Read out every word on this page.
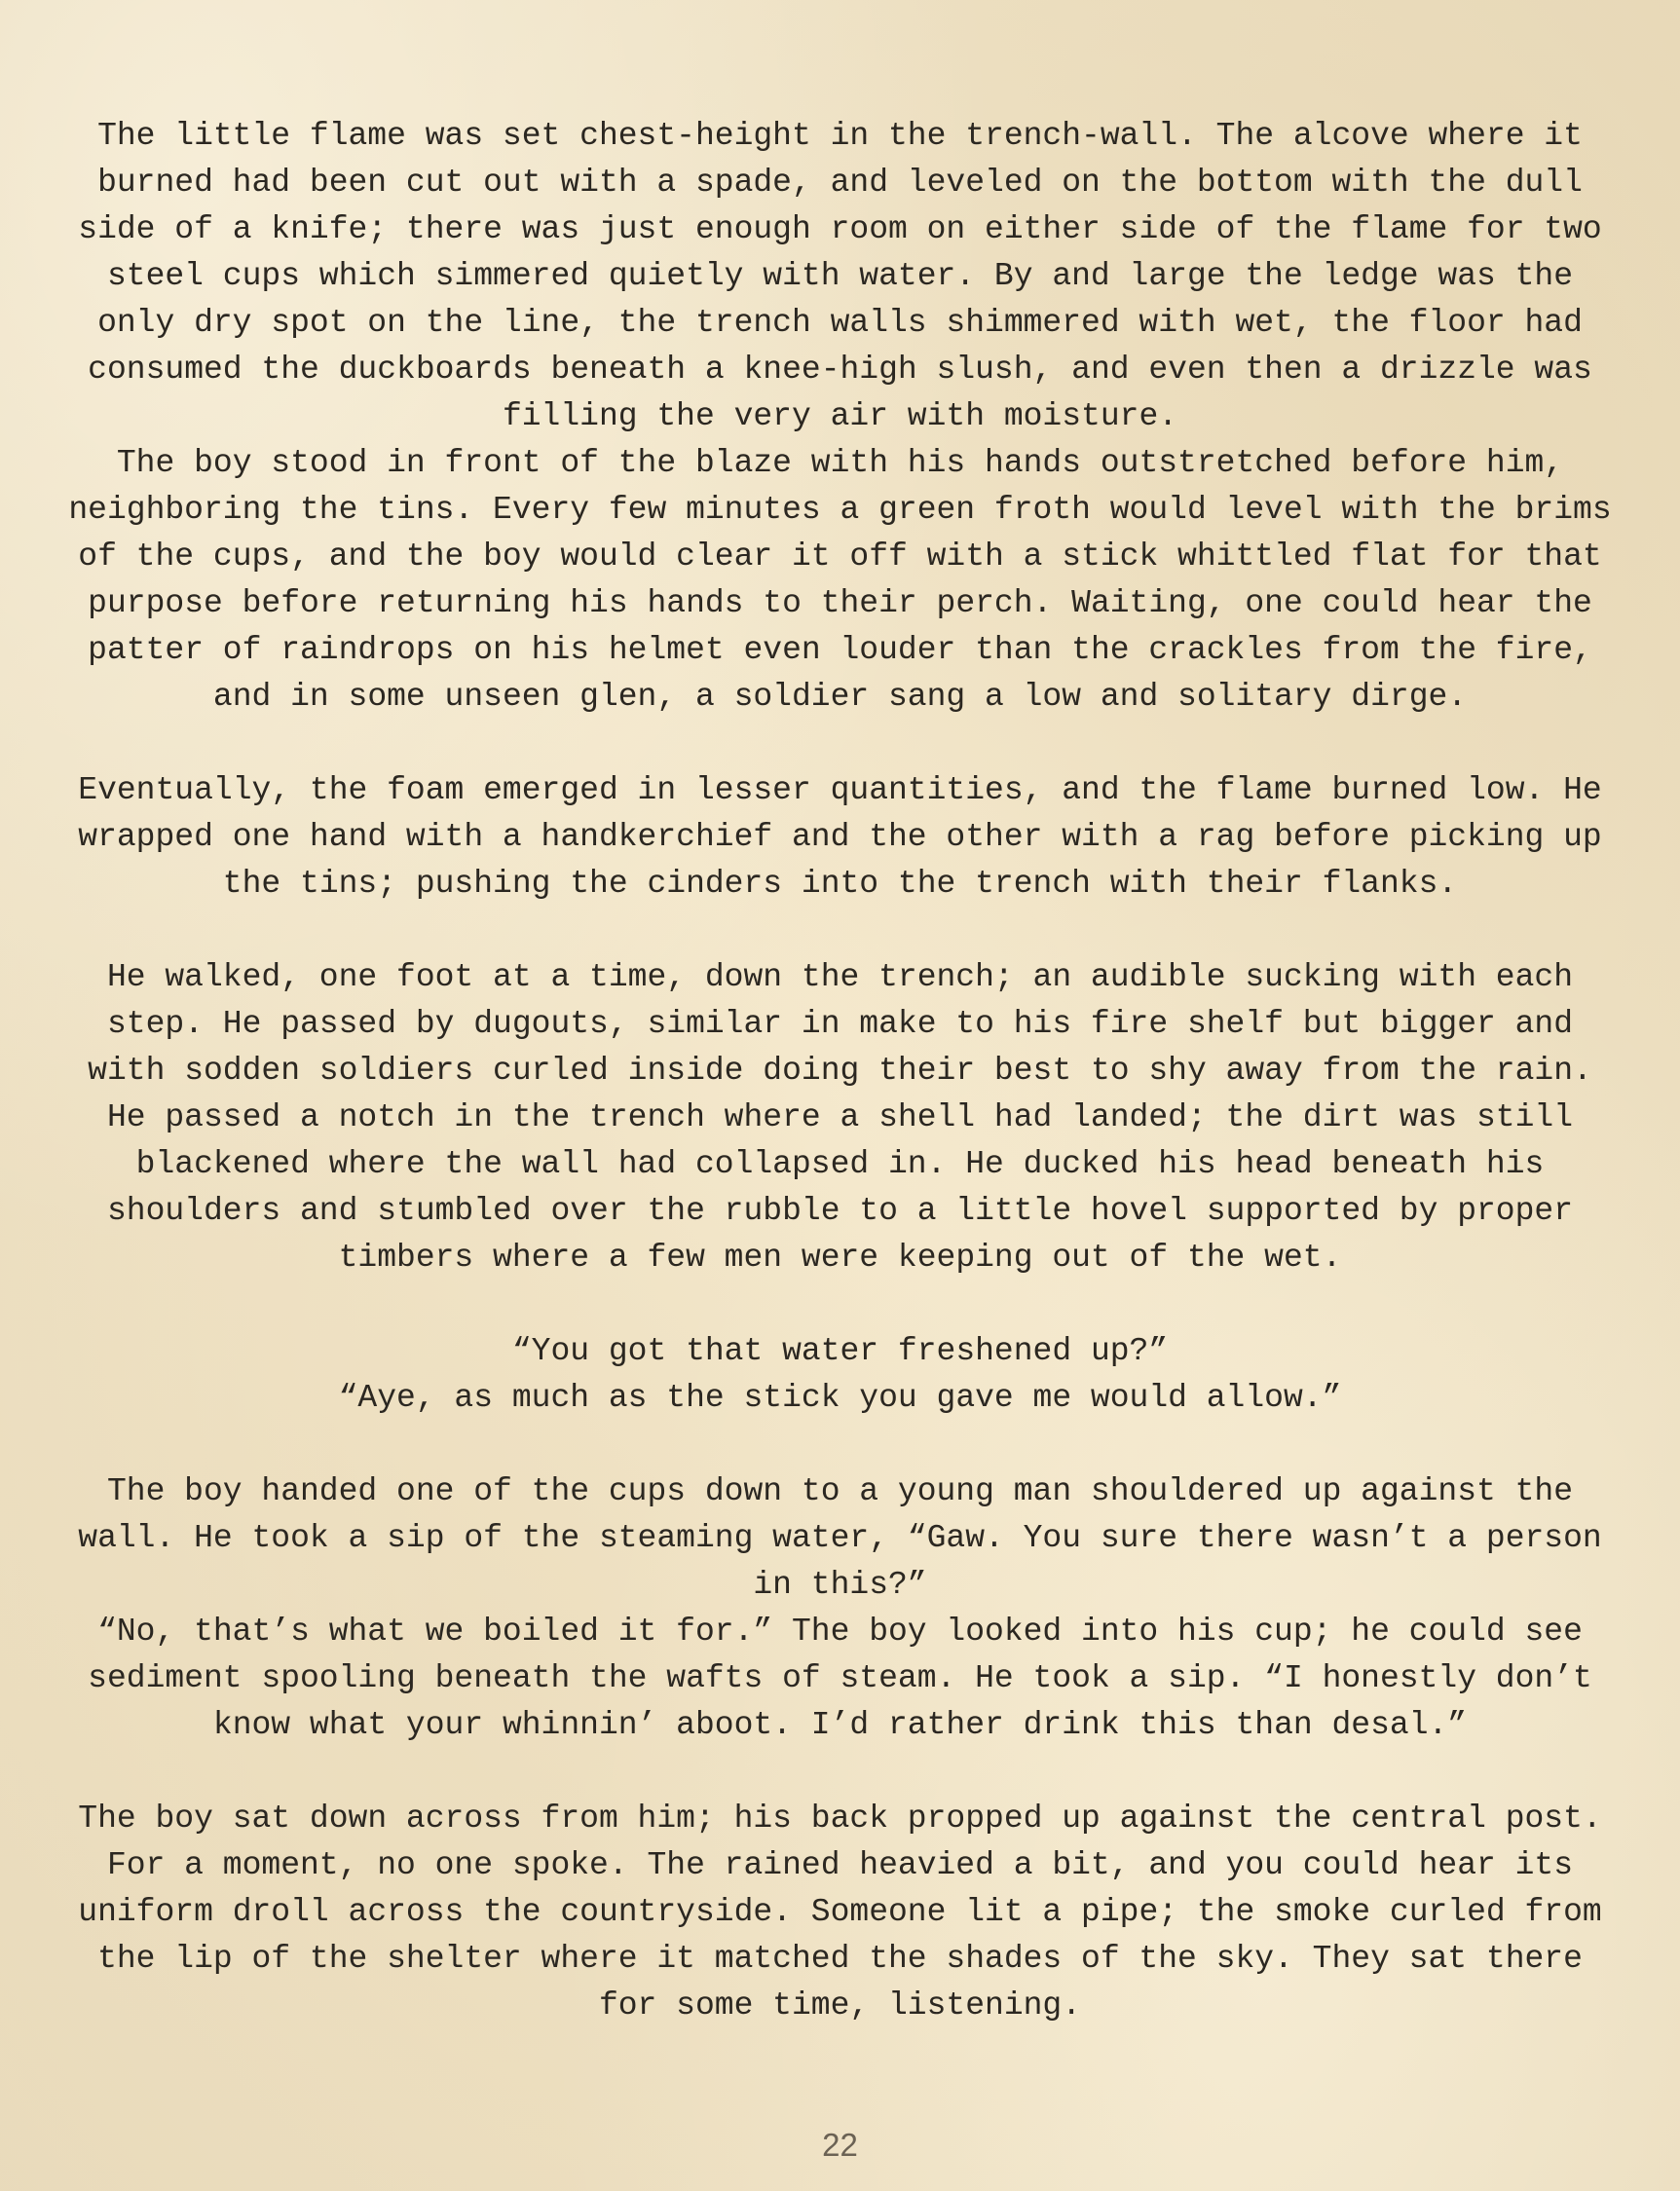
The little flame was set chest-height in the trench-wall. The alcove where it burned had been cut out with a spade, and leveled on the bottom with the dull side of a knife; there was just enough room on either side of the flame for two steel cups which simmered quietly with water. By and large the ledge was the only dry spot on the line, the trench walls shimmered with wet, the floor had consumed the duckboards beneath a knee-high slush, and even then a drizzle was filling the very air with moisture.

The boy stood in front of the blaze with his hands outstretched before him, neighboring the tins. Every few minutes a green froth would level with the brims of the cups, and the boy would clear it off with a stick whittled flat for that purpose before returning his hands to their perch. Waiting, one could hear the patter of raindrops on his helmet even louder than the crackles from the fire, and in some unseen glen, a soldier sang a low and solitary dirge.

Eventually, the foam emerged in lesser quantities, and the flame burned low. He wrapped one hand with a handkerchief and the other with a rag before picking up the tins; pushing the cinders into the trench with their flanks.

He walked, one foot at a time, down the trench; an audible sucking with each step. He passed by dugouts, similar in make to his fire shelf but bigger and with sodden soldiers curled inside doing their best to shy away from the rain. He passed a notch in the trench where a shell had landed; the dirt was still blackened where the wall had collapsed in. He ducked his head beneath his shoulders and stumbled over the rubble to a little hovel supported by proper timbers where a few men were keeping out of the wet.

“You got that water freshened up?”

“Aye, as much as the stick you gave me would allow.”

The boy handed one of the cups down to a young man shouldered up against the wall. He took a sip of the steaming water, “Gaw. You sure there wasn’t a person in this?”

“No, that’s what we boiled it for.” The boy looked into his cup; he could see sediment spooling beneath the wafts of steam. He took a sip. “I honestly don’t know what your whinnin’ aboot. I’d rather drink this than desal.”

The boy sat down across from him; his back propped up against the central post. For a moment, no one spoke. The rained heavied a bit, and you could hear its uniform droll across the countryside. Someone lit a pipe; the smoke curled from the lip of the shelter where it matched the shades of the sky. They sat there for some time, listening.

22
